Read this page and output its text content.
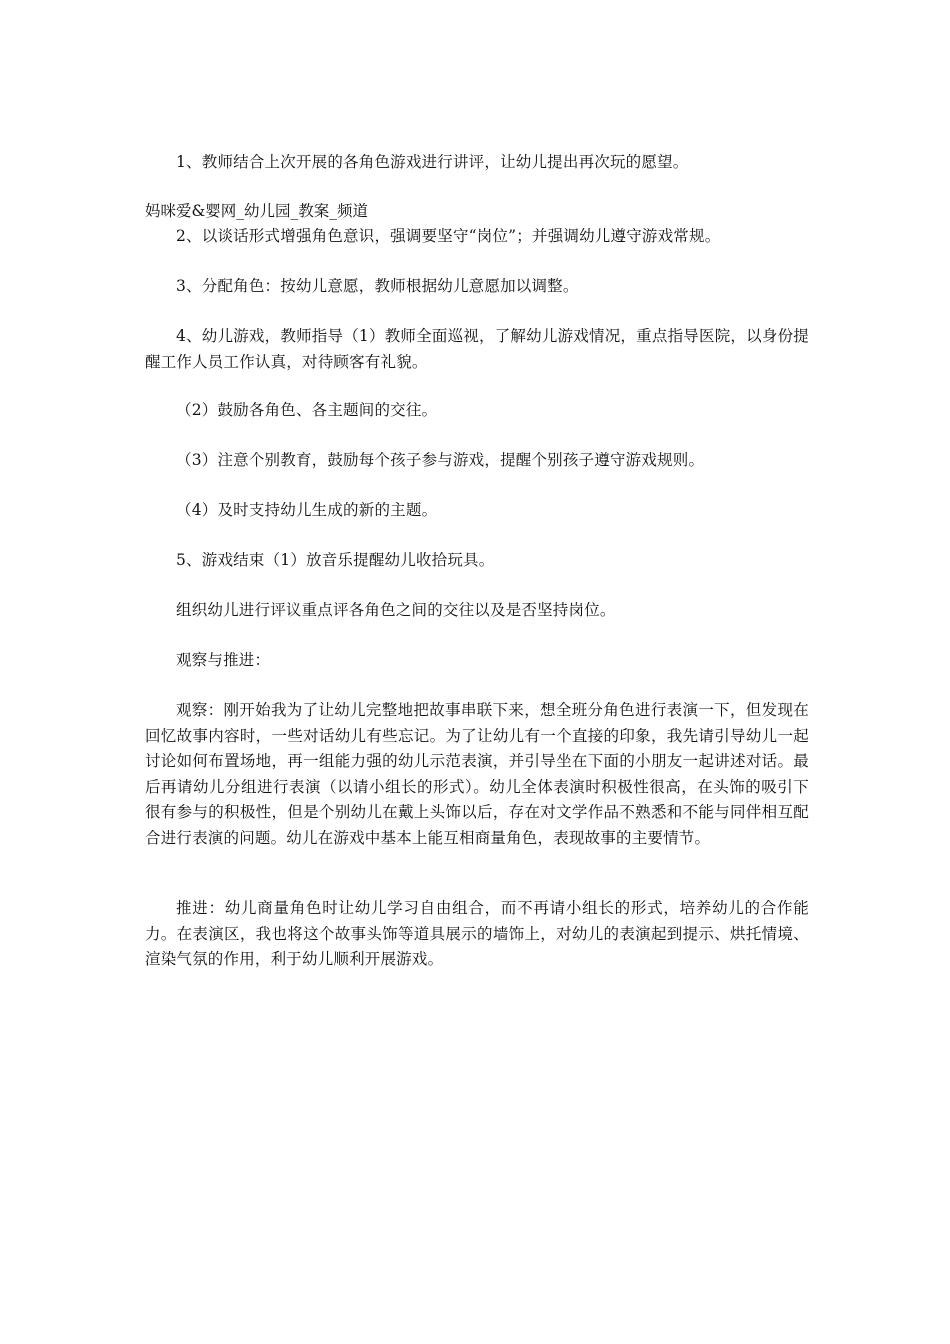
1、教师结合上次开展的各角色游戏进行讲评，让幼儿提出再次玩的愿望。

妈咪爱&婴网_幼儿园_教案_频道

2、以谈话形式增强角色意识，强调要坚守“岗位”；并强调幼儿遵守游戏常规。

3、分配角色：按幼儿意愿，教师根据幼儿意愿加以调整。

4、幼儿游戏，教师指导（1）教师全面巡视，了解幼儿游戏情况，重点指导医院，以身份提醒工作人员工作认真，对待顾客有礼貌。

（2）鼓励各角色、各主题间的交往。

（3）注意个别教育，鼓励每个孩子参与游戏，提醒个别孩子遵守游戏规则。

（4）及时支持幼儿生成的新的主题。

5、游戏结束（1）放音乐提醒幼儿收拾玩具。

组织幼儿进行评议重点评各角色之间的交往以及是否坚持岗位。

观察与推进：

观察：刚开始我为了让幼儿完整地把故事串联下来，想全班分角色进行表演一下，但发现在回忆故事内容时，一些对话幼儿有些忘记。为了让幼儿有一个直接的印象，我先请引导幼儿一起讨论如何布置场地，再一组能力强的幼儿示范表演，并引导坐在下面的小朋友一起讲述对话。最后再请幼儿分组进行表演（以请小组长的形式）。幼儿全体表演时积极性很高，在头饰的吸引下很有参与的积极性，但是个别幼儿在戴上头饰以后，存在对文学作品不熟悉和不能与同伴相互配合进行表演的问题。幼儿在游戏中基本上能互相商量角色，表现故事的主要情节。

推进：幼儿商量角色时让幼儿学习自由组合，而不再请小组长的形式，培养幼儿的合作能力。在表演区，我也将这个故事头饰等道具展示的墙饰上，对幼儿的表演起到提示、烘托情境、渲染气氛的作用，利于幼儿顺利开展游戏。
